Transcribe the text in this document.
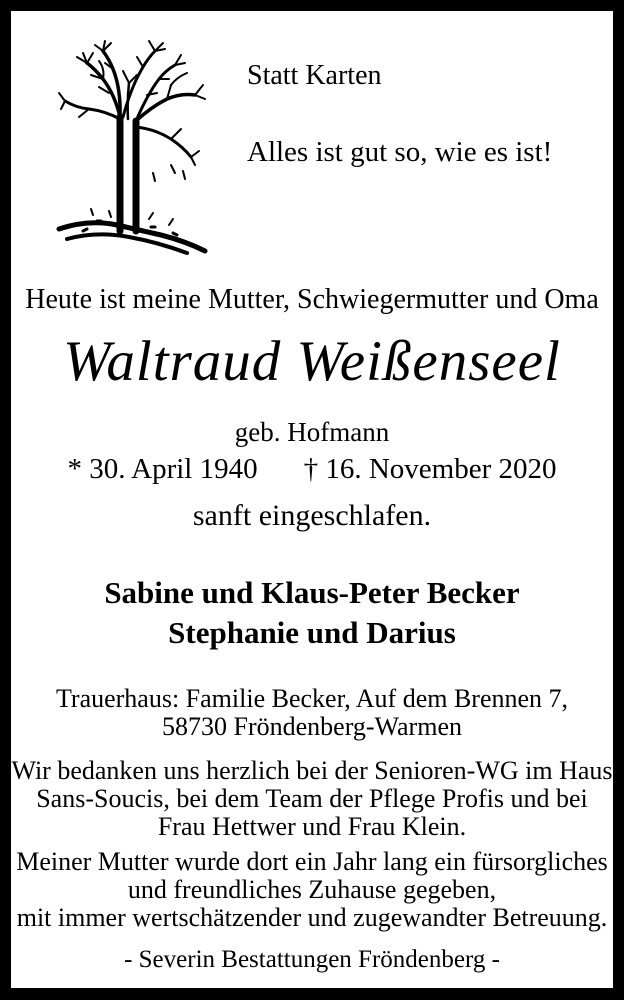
Statt Karten
Alles ist gut so, wie es ist!
Heute ist meine Mutter, Schwiegermutter und Oma
Waltraud Weißenseel
geb. Hofmann
* 30. April 1940 † 16. November 2020
sanft eingeschlafen.
Sabine und Klaus-Peter Becker
Stephanie und Darius
Trauerhaus: Familie Becker, Auf dem Brennen 7,
58730 Fröndenberg-Warmen
Wir bedanken uns herzlich bei der Senioren-WG im Haus
Sans-Soucis, bei dem Team der Pflege Profis und bei
Frau Hettwer und Frau Klein.
Meiner Mutter wurde dort ein Jahr lang ein fürsorgliches
und freundliches Zuhause gegeben,
mit immer wertschätzender und zugewandter Betreuung.
- Severin Bestattungen Fröndenberg -
